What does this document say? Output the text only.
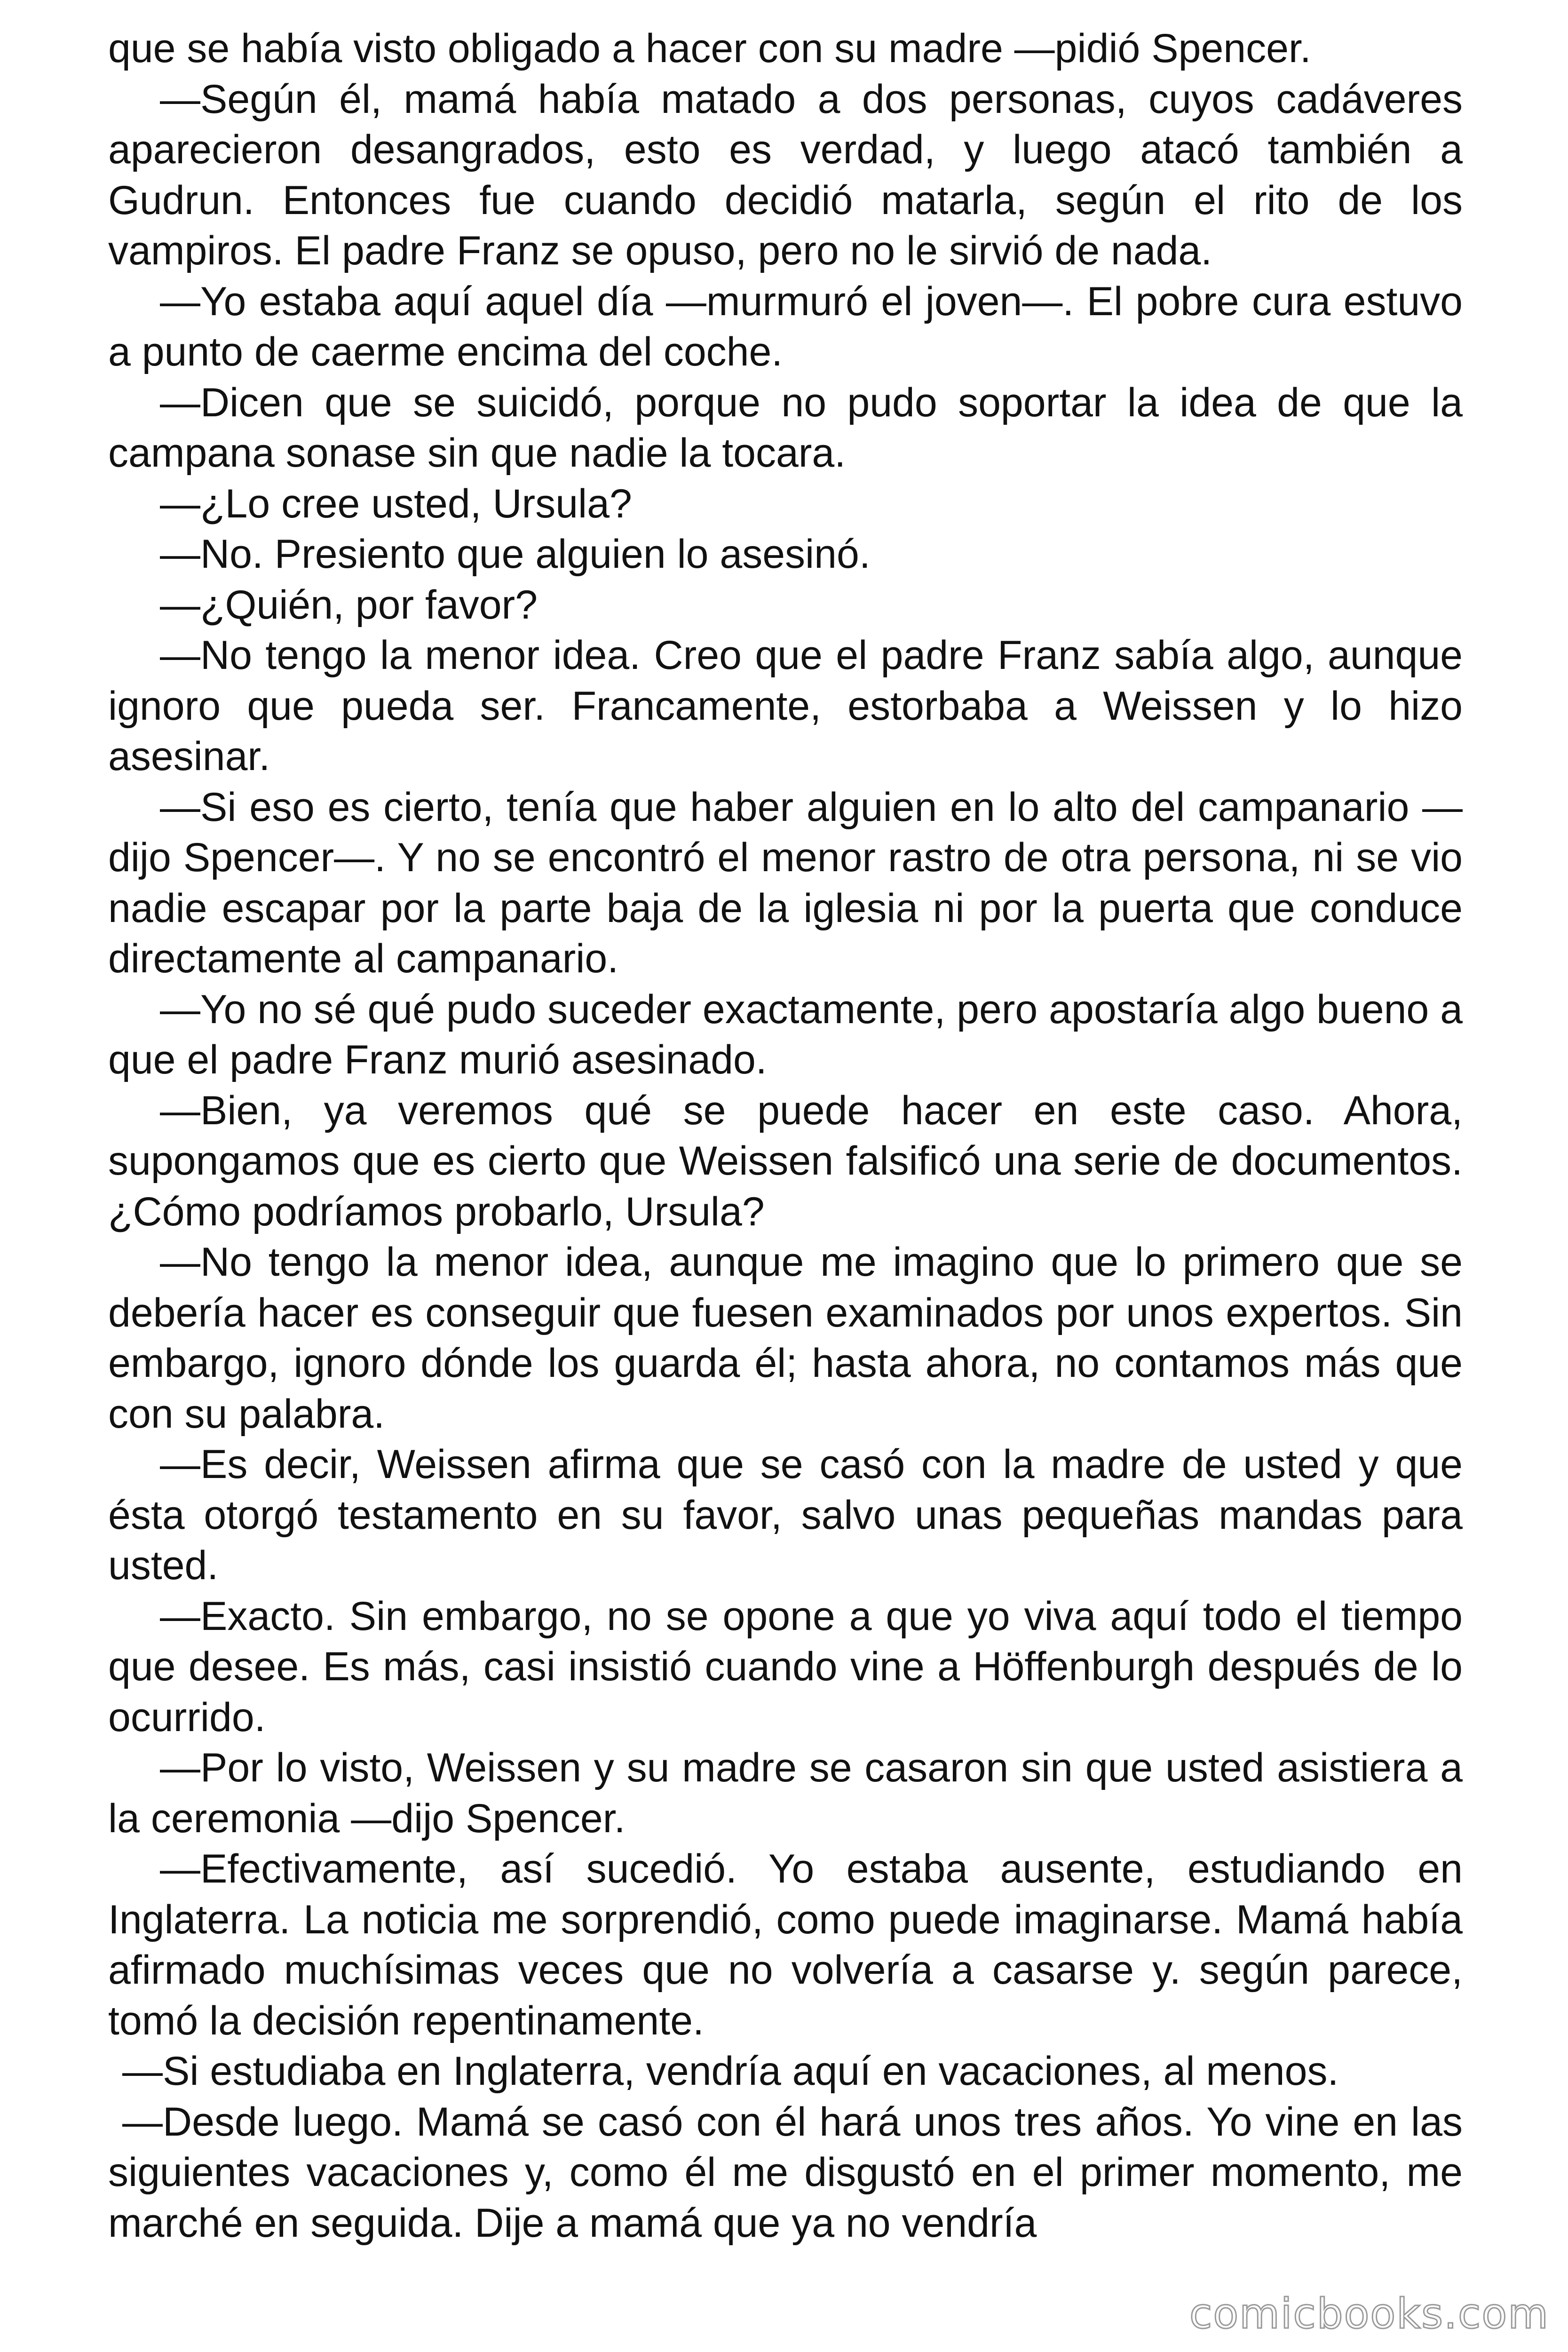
que se había visto obligado a hacer con su madre —pidió Spencer.

—Según él, mamá había matado a dos personas, cuyos cadáveres aparecieron desangrados, esto es verdad, y luego atacó también a Gudrun. Entonces fue cuando decidió matarla, según el rito de los vampiros. El padre Franz se opuso, pero no le sirvió de nada.

—Yo estaba aquí aquel día —murmuró el joven—. El pobre cura estuvo a punto de caerme encima del coche.

—Dicen que se suicidó, porque no pudo soportar la idea de que la campana sonase sin que nadie la tocara.

—¿Lo cree usted, Ursula?

—No. Presiento que alguien lo asesinó.

—¿Quién, por favor?

—No tengo la menor idea. Creo que el padre Franz sabía algo, aunque ignoro que pueda ser. Francamente, estorbaba a Weissen y lo hizo asesinar.

—Si eso es cierto, tenía que haber alguien en lo alto del campanario —dijo Spencer—. Y no se encontró el menor rastro de otra persona, ni se vio nadie escapar por la parte baja de la iglesia ni por la puerta que conduce directamente al campanario.

—Yo no sé qué pudo suceder exactamente, pero apostaría algo bueno a que el padre Franz murió asesinado.

—Bien, ya veremos qué se puede hacer en este caso. Ahora, supongamos que es cierto que Weissen falsificó una serie de documentos. ¿Cómo podríamos probarlo, Ursula?

—No tengo la menor idea, aunque me imagino que lo primero que se debería hacer es conseguir que fuesen examinados por unos expertos. Sin embargo, ignoro dónde los guarda él; hasta ahora, no contamos más que con su palabra.

—Es decir, Weissen afirma que se casó con la madre de usted y que ésta otorgó testamento en su favor, salvo unas pequeñas mandas para usted.

—Exacto. Sin embargo, no se opone a que yo viva aquí todo el tiempo que desee. Es más, casi insistió cuando vine a Höffenburgh después de lo ocurrido.

—Por lo visto, Weissen y su madre se casaron sin que usted asistiera a la ceremonia —dijo Spencer.

—Efectivamente, así sucedió. Yo estaba ausente, estudiando en Inglaterra. La noticia me sorprendió, como puede imaginarse. Mamá había afirmado muchísimas veces que no volvería a casarse y. según parece, tomó la decisión repentinamente.

—Si estudiaba en Inglaterra, vendría aquí en vacaciones, al menos.

—Desde luego. Mamá se casó con él hará unos tres años. Yo vine en las siguientes vacaciones y, como él me disgustó en el primer momento, me marché en seguida. Dije a mamá que ya no vendría

comicbooks.com
